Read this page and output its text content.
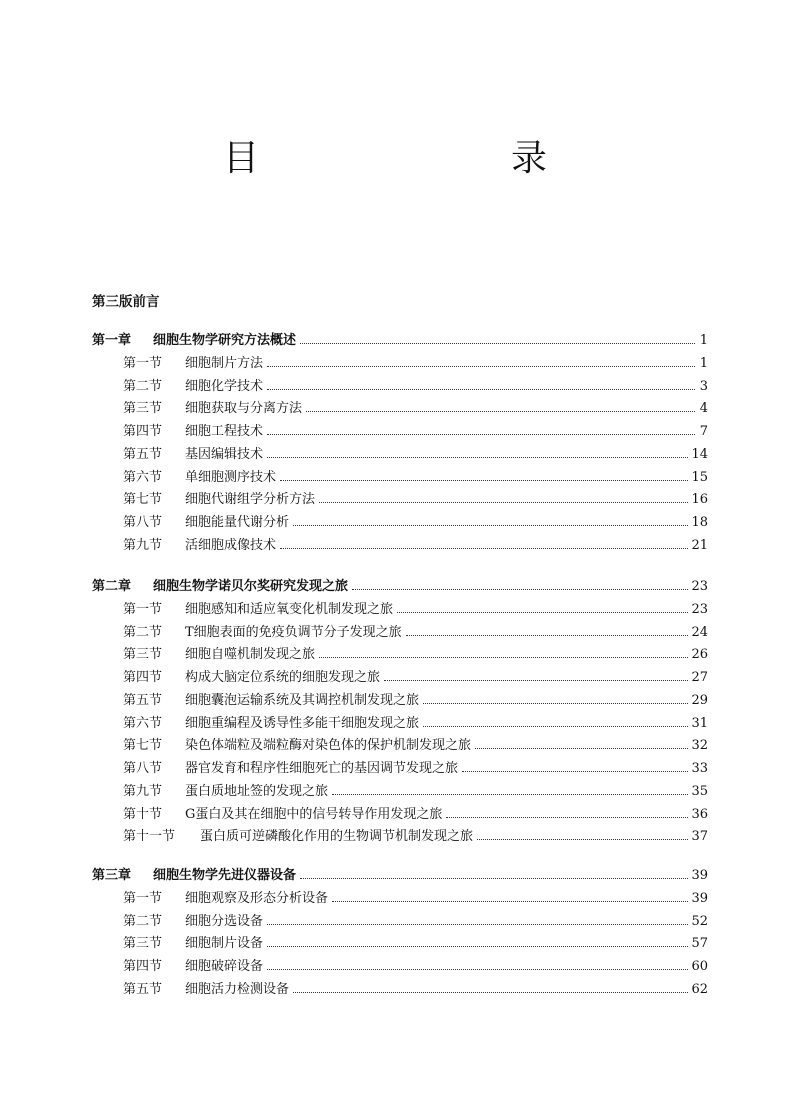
目　　录
第三版前言
第一章	细胞生物学研究方法概述	1
第一节	细胞制片方法	1
第二节	细胞化学技术	3
第三节	细胞获取与分离方法	4
第四节	细胞工程技术	7
第五节	基因编辑技术	14
第六节	单细胞测序技术	15
第七节	细胞代谢组学分析方法	16
第八节	细胞能量代谢分析	18
第九节	活细胞成像技术	21
第二章	细胞生物学诺贝尔奖研究发现之旅	23
第一节	细胞感知和适应氧变化机制发现之旅	23
第二节	T细胞表面的免疫负调节分子发现之旅	24
第三节	细胞自噬机制发现之旅	26
第四节	构成大脑定位系统的细胞发现之旅	27
第五节	细胞囊泡运输系统及其调控机制发现之旅	29
第六节	细胞重编程及诱导性多能干细胞发现之旅	31
第七节	染色体端粒及端粒酶对染色体的保护机制发现之旅	32
第八节	器官发育和程序性细胞死亡的基因调节发现之旅	33
第九节	蛋白质地址签的发现之旅	35
第十节	G蛋白及其在细胞中的信号转导作用发现之旅	36
第十一节	蛋白质可逆磷酸化作用的生物调节机制发现之旅	37
第三章	细胞生物学先进仪器设备	39
第一节	细胞观察及形态分析设备	39
第二节	细胞分选设备	52
第三节	细胞制片设备	57
第四节	细胞破碎设备	60
第五节	细胞活力检测设备	62
